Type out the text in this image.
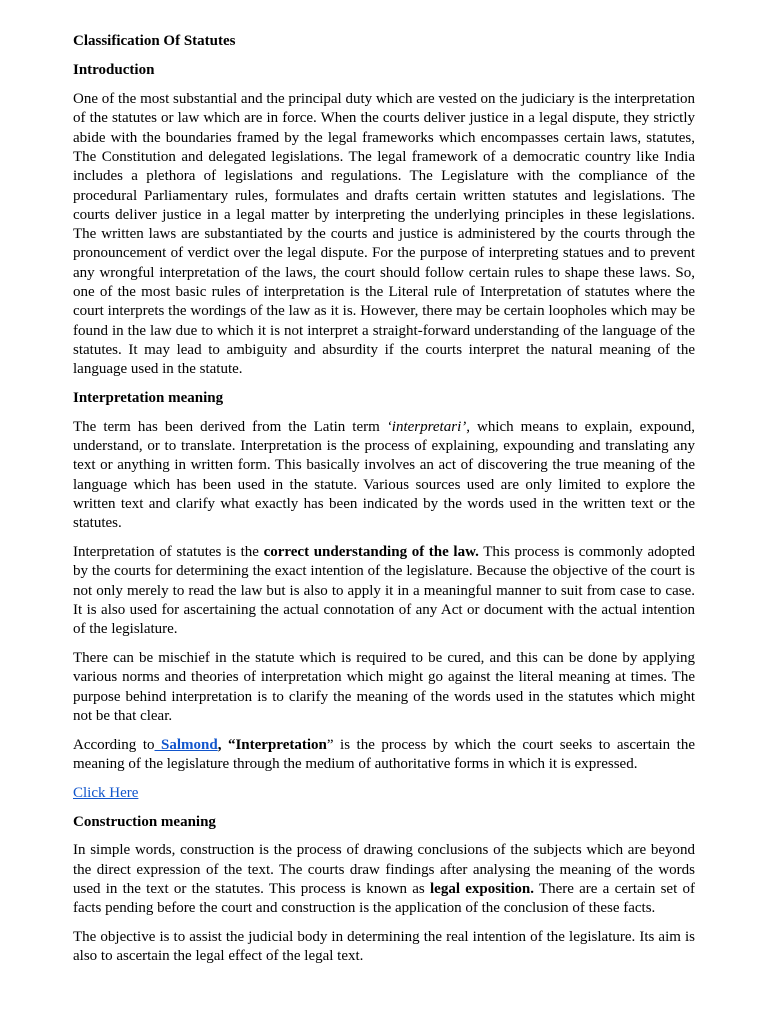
Classification Of Statutes

Introduction

One of the most substantial and the principal duty which are vested on the judiciary is the interpretation of the statutes or law which are in force. When the courts deliver justice in a legal dispute, they strictly abide with the boundaries framed by the legal frameworks which encompasses certain laws, statutes, The Constitution and delegated legislations. The legal framework of a democratic country like India includes a plethora of legislations and regulations. The Legislature with the compliance of the procedural Parliamentary rules, formulates and drafts certain written statutes and legislations. The courts deliver justice in a legal matter by interpreting the underlying principles in these legislations. The written laws are substantiated by the courts and justice is administered by the courts through the pronouncement of verdict over the legal dispute. For the purpose of interpreting statues and to prevent any wrongful interpretation of the laws, the court should follow certain rules to shape these laws. So, one of the most basic rules of interpretation is the Literal rule of Interpretation of statutes where the court interprets the wordings of the law as it is. However, there may be certain loopholes which may be found in the law due to which it is not interpret a straight-forward understanding of the language of the statutes. It may lead to ambiguity and absurdity if the courts interpret the natural meaning of the language used in the statute.

Interpretation meaning

The term has been derived from the Latin term ‘interpretari’, which means to explain, expound, understand, or to translate. Interpretation is the process of explaining, expounding and translating any text or anything in written form. This basically involves an act of discovering the true meaning of the language which has been used in the statute. Various sources used are only limited to explore the written text and clarify what exactly has been indicated by the words used in the written text or the statutes.

Interpretation of statutes is the correct understanding of the law. This process is commonly adopted by the courts for determining the exact intention of the legislature. Because the objective of the court is not only merely to read the law but is also to apply it in a meaningful manner to suit from case to case. It is also used for ascertaining the actual connotation of any Act or document with the actual intention of the legislature.

There can be mischief in the statute which is required to be cured, and this can be done by applying various norms and theories of interpretation which might go against the literal meaning at times. The purpose behind interpretation is to clarify the meaning of the words used in the statutes which might not be that clear.

According to Salmond, “Interpretation” is the process by which the court seeks to ascertain the meaning of the legislature through the medium of authoritative forms in which it is expressed.

Click Here

Construction meaning

In simple words, construction is the process of drawing conclusions of the subjects which are beyond the direct expression of the text. The courts draw findings after analysing the meaning of the words used in the text or the statutes. This process is known as legal exposition. There are a certain set of facts pending before the court and construction is the application of the conclusion of these facts.

The objective is to assist the judicial body in determining the real intention of the legislature. Its aim is also to ascertain the legal effect of the legal text.
